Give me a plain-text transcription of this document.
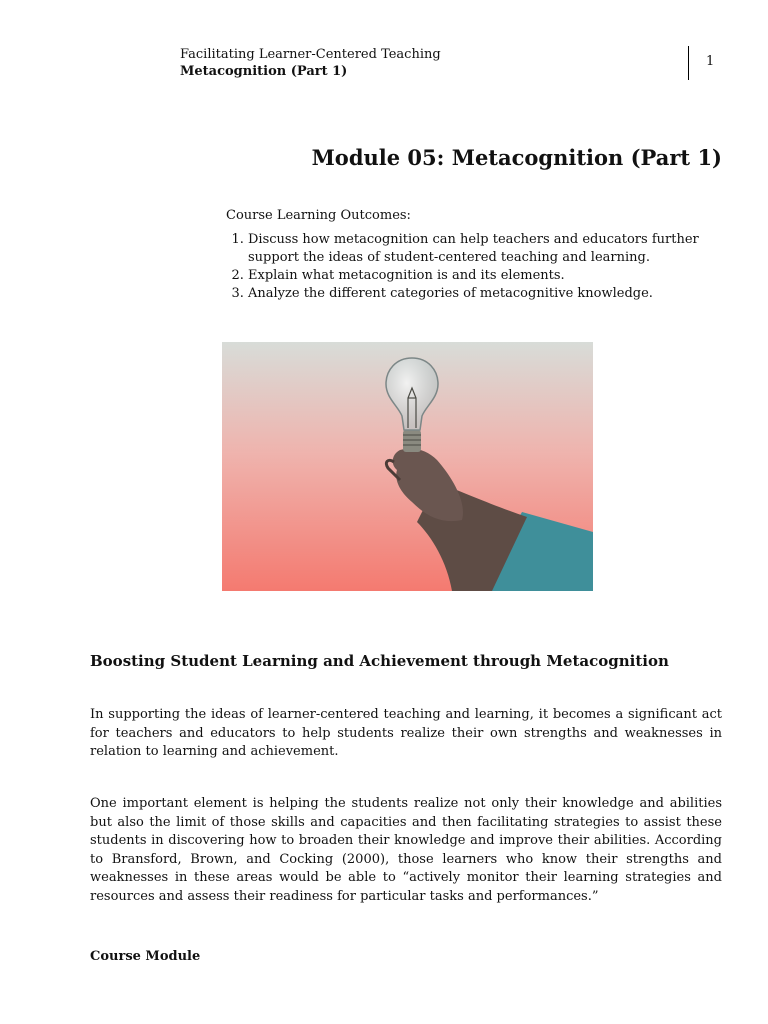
Facilitating Learner-Centered Teaching
Metacognition (Part 1)
1
Module 05: Metacognition (Part 1)

Course Learning Outcomes:

1. Discuss how metacognition can help teachers and educators further support the ideas of student-centered teaching and learning.
2. Explain what metacognition is and its elements.
3. Analyze the different categories of metacognitive knowledge.
Boosting Student Learning and Achievement through Metacognition

In supporting the ideas of learner-centered teaching and learning, it becomes a significant act for teachers and educators to help students realize their own strengths and weaknesses in relation to learning and achievement.

One important element is helping the students realize not only their knowledge and abilities but also the limit of those skills and capacities and then facilitating strategies to assist these students in discovering how to broaden their knowledge and improve their abilities. According to Bransford, Brown, and Cocking (2000), those learners who know their strengths and weaknesses in these areas would be able to “actively monitor their learning strategies and resources and assess their readiness for particular tasks and performances.”

Course Module
